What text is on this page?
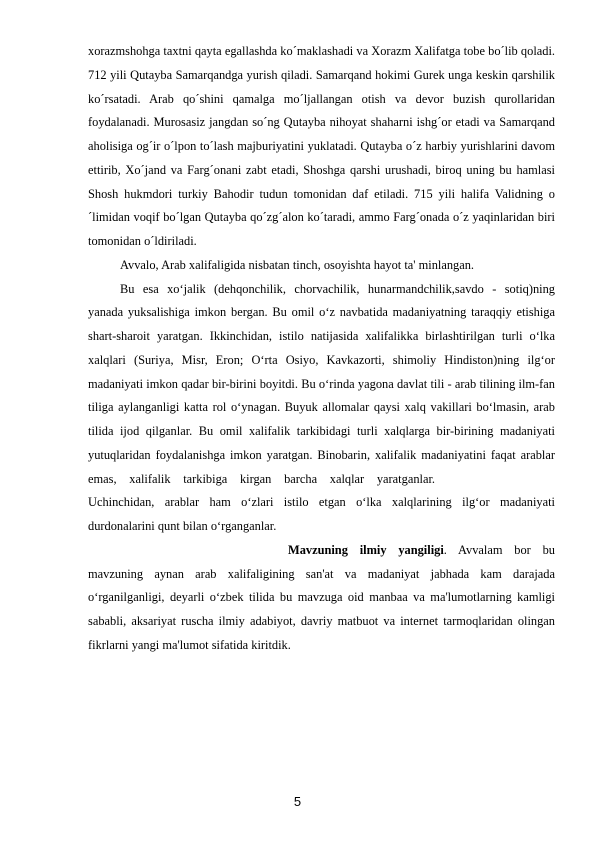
xorazmshohga taxtni qayta egallashda ko´maklashadi va Xorazm Xalifatga tobe bo´lib qoladi. 712 yili Qutayba Samarqandga yurish qiladi. Samarqand hokimi Gurek unga keskin qarshilik ko´rsatadi. Arab qo´shini qamalga mo´ljallangan otish va devor buzish qurollaridan foydalanadi. Murosasiz jangdan so´ng Qutayba nihoyat shaharni ishg´or etadi va Samarqand aholisiga og´ir o´lpon to´lash majburiyatini yuklatadi. Qutayba o´z harbiy yurishlarini davom ettirib, Xo´jand va Farg´onani zabt etadi, Shoshga qarshi urushadi, biroq uning bu hamlasi Shosh hukmdori turkiy Bahodir tudun tomonidan daf etiladi. 715 yili halifa Validning o´limidan voqif bo´lgan Qutayba qo´zg´alon ko´taradi, ammo Farg´onada o´z yaqinlaridan biri tomonidan o´ldiriladi.

Avvalo, Arab xalifaligida nisbatan tinch, osoyishta hayot ta' minlangan.

Bu esa xo‘jalik (dehqonchilik, chorvachilik, hunarmandchilik,savdo - sotiq)ning yanada yuksalishiga imkon bergan. Bu omil o‘z navbatida madaniyatning taraqqiy etishiga shart-sharoit yaratgan. Ikkinchidan, istilo natijasida xalifalikka birlashtirilgan turli o‘lka xalqlari (Suriya, Misr, Eron; O‘rta Osiyo, Kavkazorti, shimoliy Hindiston)ning ilg‘or madaniyati imkon qadar bir-birini boyitdi. Bu o‘rinda yagona davlat tili - arab tilining ilm-fan tiliga aylanganligi katta rol o‘ynagan. Buyuk allomalar qaysi xalq vakillari bo‘lmasin, arab tilida ijod qilganlar. Bu omil xalifalik tarkibidagi turli xalqlarga bir-birining madaniyati yutuqlaridan foydalanishga imkon yaratgan. Binobarin, xalifalik madaniyatini faqat arablar emas, xalifalik tarkibiga kirgan barcha xalqlar yaratganlar.Uchinchidan, arablar ham o‘zlari istilo etgan o‘lka xalqlarining ilg‘or madaniyati durdonalarini qunt bilan o‘rganganlar.

Mavzuning ilmiy yangiligi. Avvalam bor bu mavzuning aynan arab xalifaligining san'at va madaniyat jabhada kam darajada o‘rganilganligi, deyarli o‘zbek tilida bu mavzuga oid manbaa va ma'lumotlarning kamligi sababli, aksariyat ruscha ilmiy adabiyot, davriy matbuot va internet tarmoqlaridan olingan fikrlarni yangi ma'lumot sifatida kiritdik.

5
